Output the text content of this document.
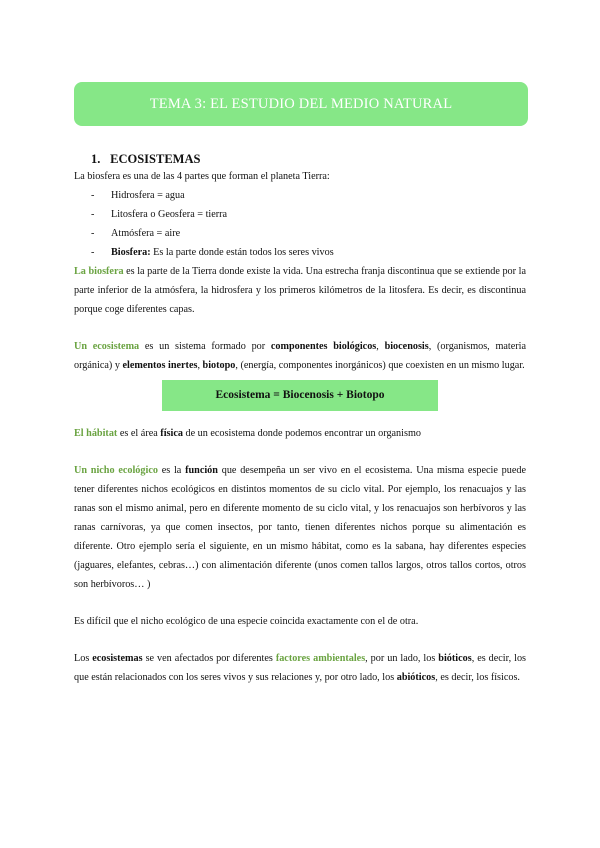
TEMA 3: EL ESTUDIO DEL MEDIO NATURAL
1. ECOSISTEMAS

La biosfera es una de las 4 partes que forman el planeta Tierra:

- Hidrosfera = agua
- Litosfera o Geosfera = tierra
- Atmósfera = aire
- Biosfera: Es la parte donde están todos los seres vivos

La biosfera es la parte de la Tierra donde existe la vida. Una estrecha franja discontinua que se extiende por la parte inferior de la atmósfera, la hidrosfera y los primeros kilómetros de la litosfera. Es decir, es discontinua porque coge diferentes capas.

Un ecosistema es un sistema formado por componentes biológicos, biocenosis, (organismos, materia orgánica) y elementos inertes, biotopo, (energía, componentes inorgánicos) que coexisten en un mismo lugar.

Ecosistema = Biocenosis + Biotopo

El hábitat es el área física de un ecosistema donde podemos encontrar un organismo

Un nicho ecológico es la función que desempeña un ser vivo en el ecosistema. Una misma especie puede tener diferentes nichos ecológicos en distintos momentos de su ciclo vital. Por ejemplo, los renacuajos y las ranas son el mismo animal, pero en diferente momento de su ciclo vital, y los renacuajos son herbívoros y las ranas carnívoras, ya que comen insectos, por tanto, tienen diferentes nichos porque su alimentación es diferente. Otro ejemplo sería el siguiente, en un mismo hábitat, como es la sabana, hay diferentes especies (jaguares, elefantes, cebras…) con alimentación diferente (unos comen tallos largos, otros tallos cortos, otros son herbívoros… )

Es difícil que el nicho ecológico de una especie coincida exactamente con el de otra.

Los ecosistemas se ven afectados por diferentes factores ambientales, por un lado, los bióticos, es decir, los que están relacionados con los seres vivos y sus relaciones y, por otro lado, los abióticos, es decir, los físicos.
